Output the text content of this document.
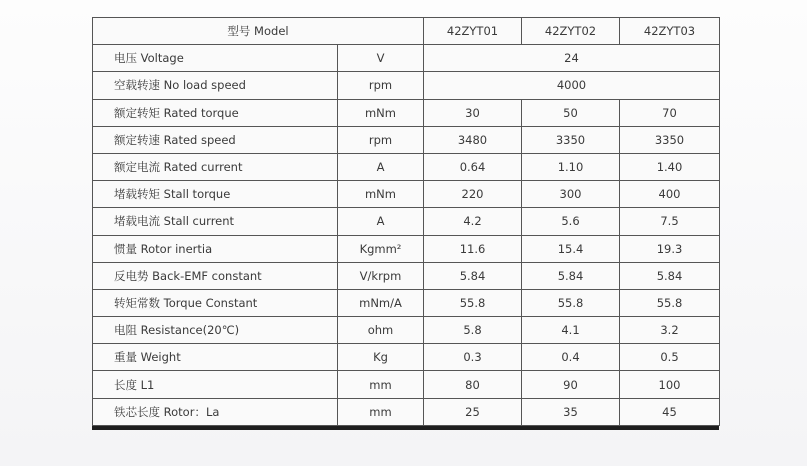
型号 Model		42ZYT01	42ZYT02	42ZYT03
电压 Voltage	V	24		
空载转速 No load speed	rpm	4000		
额定转矩 Rated torque	mNm	30	50	70
额定转速 Rated speed	rpm	3480	3350	3350
额定电流 Rated current	A	0.64	1.10	1.40
堵载转矩 Stall torque	mNm	220	300	400
堵载电流 Stall current	A	4.2	5.6	7.5
惯量 Rotor inertia	Kgmm²	11.6	15.4	19.3
反电势 Back-EMF constant	V/krpm	5.84	5.84	5.84
转矩常数 Torque Constant	mNm/A	55.8	55.8	55.8
电阻 Resistance(20℃)	ohm	5.8	4.1	3.2
重量 Weight	Kg	0.3	0.4	0.5
长度 L1	mm	80	90	100
铁芯长度 Rotor：La	mm	25	35	45
